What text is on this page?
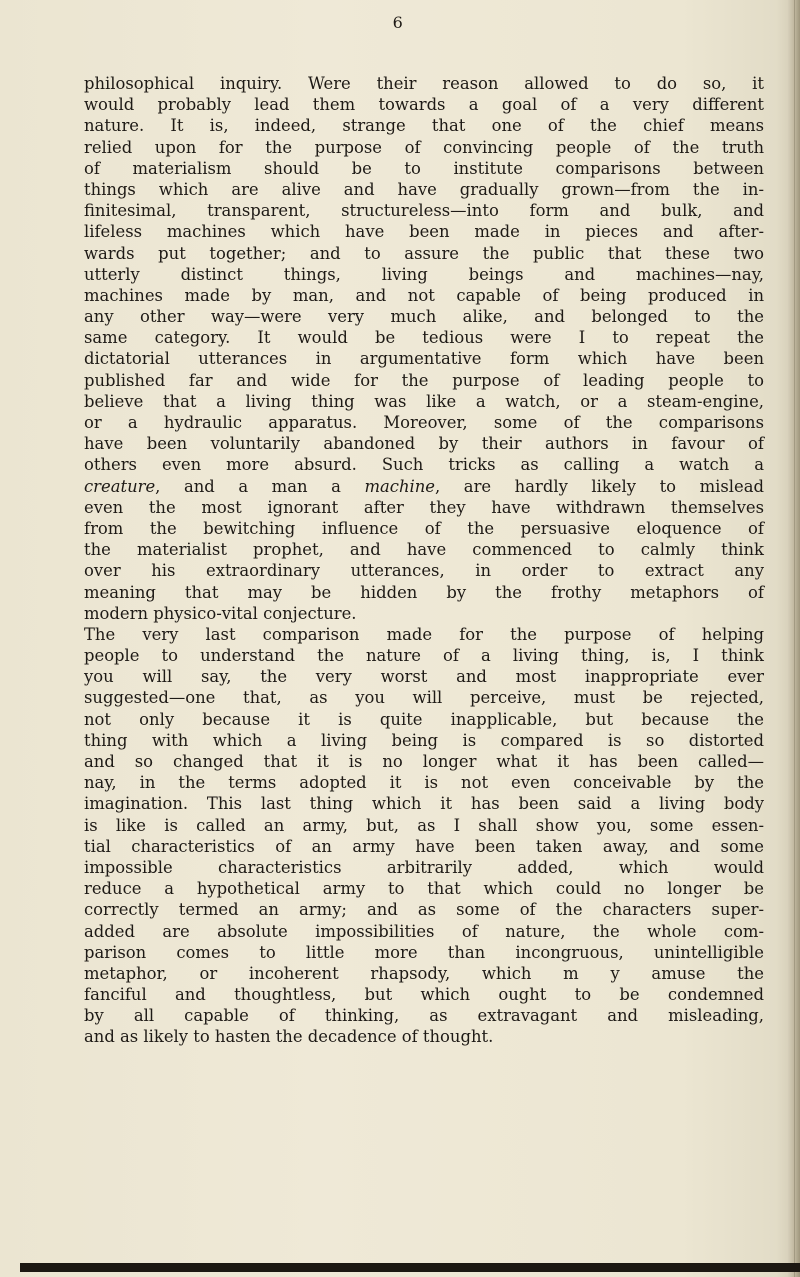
6
philosophical inquiry. Were their reason allowed to do so, it
would probably lead them towards a goal of a very different
nature. It is, indeed, strange that one of the chief means
relied upon for the purpose of convincing people of the truth
of materialism should be to institute comparisons between
things which are alive and have gradually grown—from the in-
finitesimal, transparent, structureless—into form and bulk, and
lifeless machines which have been made in pieces and after-
wards put together; and to assure the public that these two
utterly distinct things, living beings and machines—nay,
machines made by man, and not capable of being produced in
any other way—were very much alike, and belonged to the
same category. It would be tedious were I to repeat the
dictatorial utterances in argumentative form which have been
published far and wide for the purpose of leading people to
believe that a living thing was like a watch, or a steam-engine,
or a hydraulic apparatus. Moreover, some of the comparisons
have been voluntarily abandoned by their authors in favour of
others even more absurd. Such tricks as calling a watch a
creature, and a man a machine, are hardly likely to mislead
even the most ignorant after they have withdrawn themselves
from the bewitching influence of the persuasive eloquence of
the materialist prophet, and have commenced to calmly think
over his extraordinary utterances, in order to extract any
meaning that may be hidden by the frothy metaphors of
modern physico-vital conjecture.
The very last comparison made for the purpose of helping
people to understand the nature of a living thing, is, I think
you will say, the very worst and most inappropriate ever
suggested—one that, as you will perceive, must be rejected,
not only because it is quite inapplicable, but because the
thing with which a living being is compared is so distorted
and so changed that it is no longer what it has been called—
nay, in the terms adopted it is not even conceivable by the
imagination. This last thing which it has been said a living body
is like is called an army, but, as I shall show you, some essen-
tial characteristics of an army have been taken away, and some
impossible characteristics arbitrarily added, which would
reduce a hypothetical army to that which could no longer be
correctly termed an army; and as some of the characters super-
added are absolute impossibilities of nature, the whole com-
parison comes to little more than incongruous, unintelligible
metaphor, or incoherent rhapsody, which m y amuse the
fanciful and thoughtless, but which ought to be condemned
by all capable of thinking, as extravagant and misleading,
and as likely to hasten the decadence of thought.
